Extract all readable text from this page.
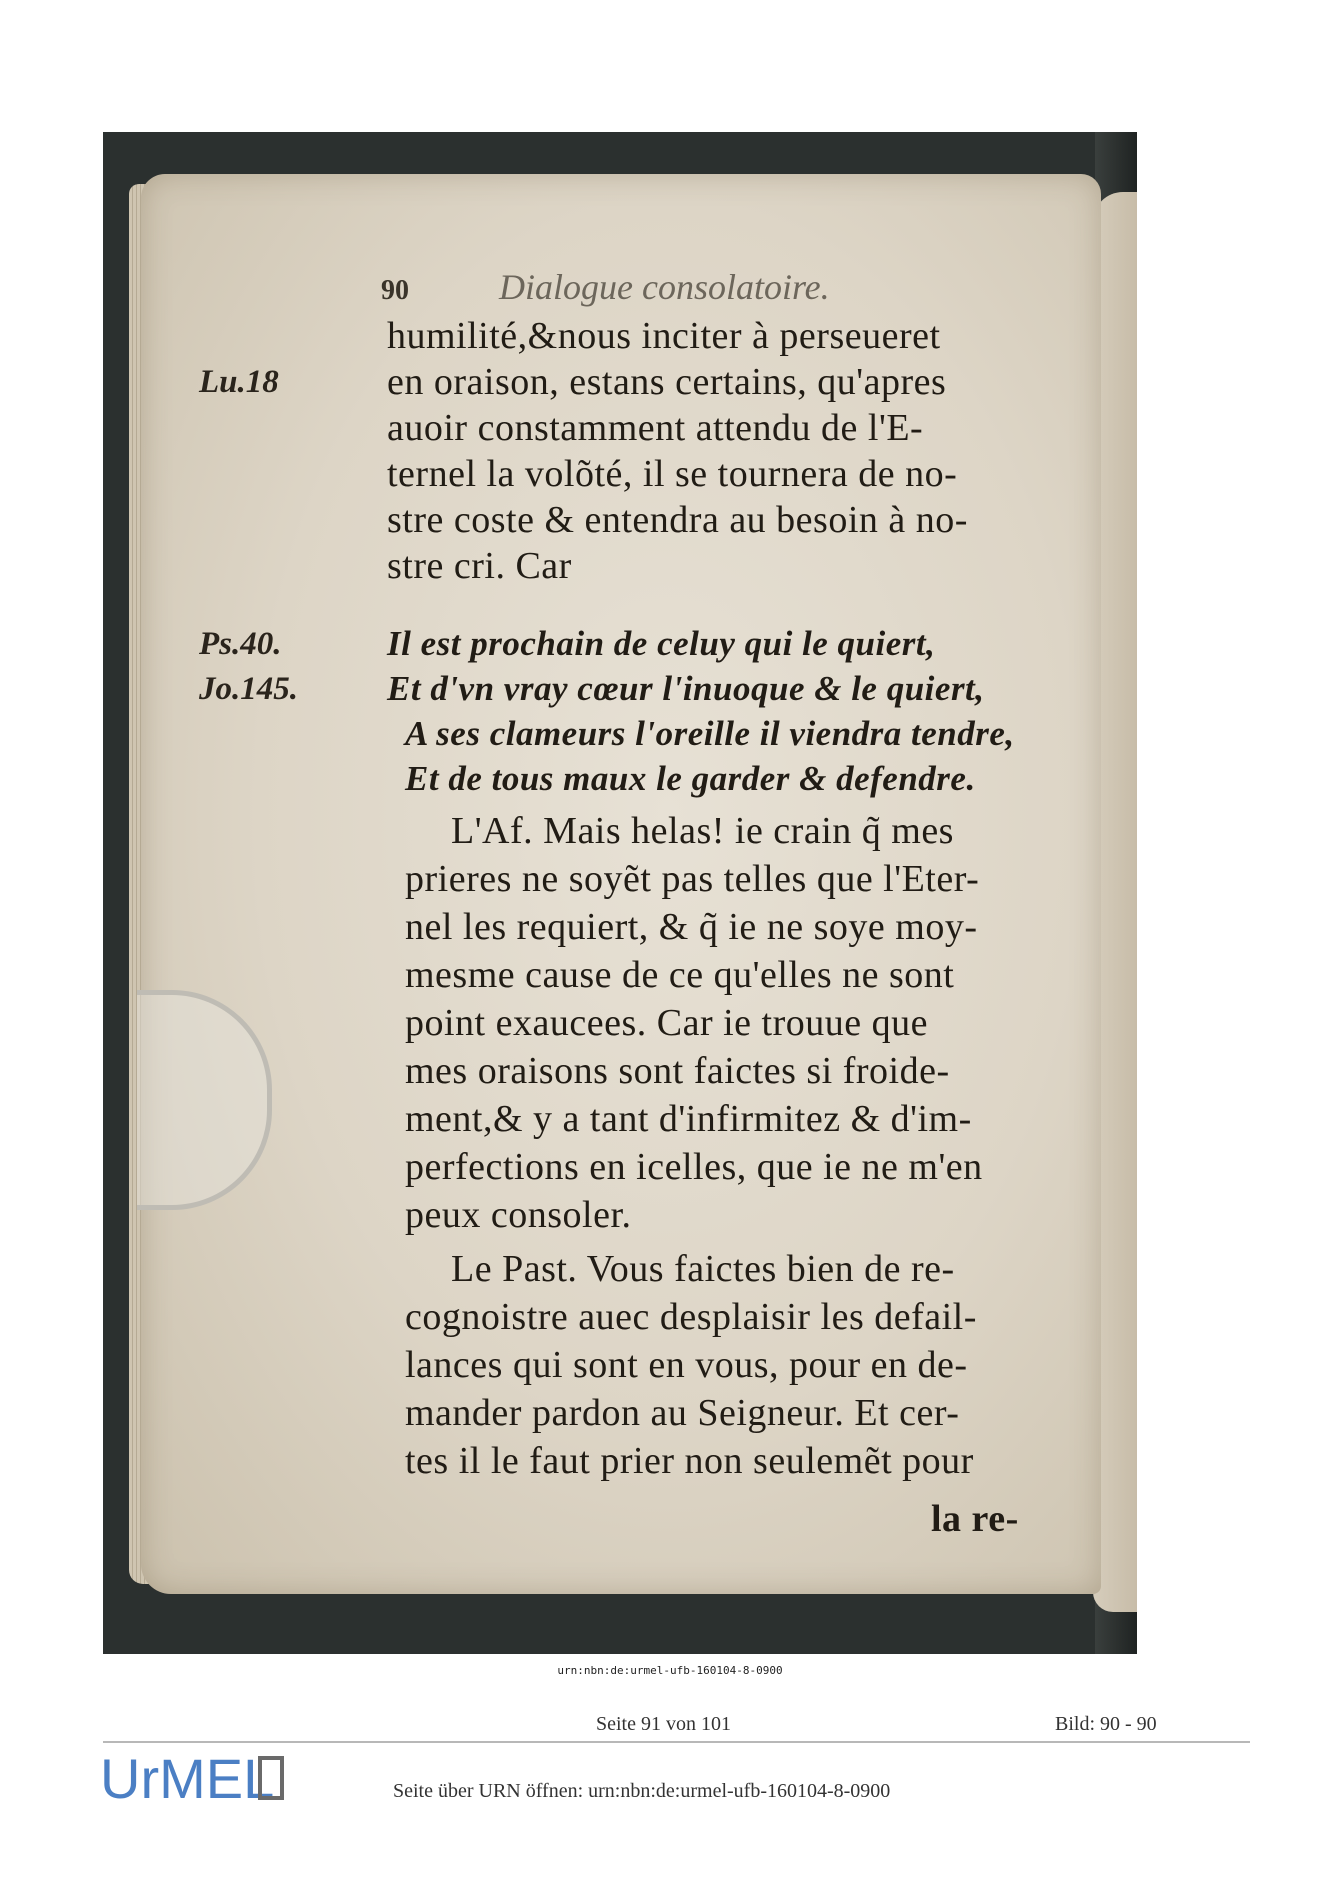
90	Dialogue consolatoire.
Lu.18
Ps.40.
Jo.145.
humilité,&nous inciter à perseueret
en oraison, estans certains, qu'apres
auoir constamment attendu de l'E-
ternel la volõté, il se tournera de no-
stre coste & entendra au besoin à no-
stre cri. Car
Il est prochain de celuy qui le quiert,
Et d'vn vray cœur l'inuoque & le quiert,
A ses clameurs l'oreille il viendra tendre,
Et de tous maux le garder & defendre.
L'Af. Mais helas! ie crain q̃ mes
prieres ne soyẽt pas telles que l'Eter-
nel les requiert, & q̃ ie ne soye moy-
mesme cause de ce qu'elles ne sont
point exaucees. Car ie trouue que
mes oraisons sont faictes si froide-
ment,& y a tant d'infirmitez & d'im-
perfections en icelles, que ie ne m'en
peux consoler.
Le Past. Vous faictes bien de re-
cognoistre auec desplaisir les defail-
lances qui sont en vous, pour en de-
mander pardon au Seigneur. Et cer-
tes il le faut prier non seulemẽt pour
la re-
urn:nbn:de:urmel-ufb-160104-8-0900
Seite 91 von 101	Bild: 90 - 90
UrMEL	Seite über URN öffnen: urn:nbn:de:urmel-ufb-160104-8-0900
